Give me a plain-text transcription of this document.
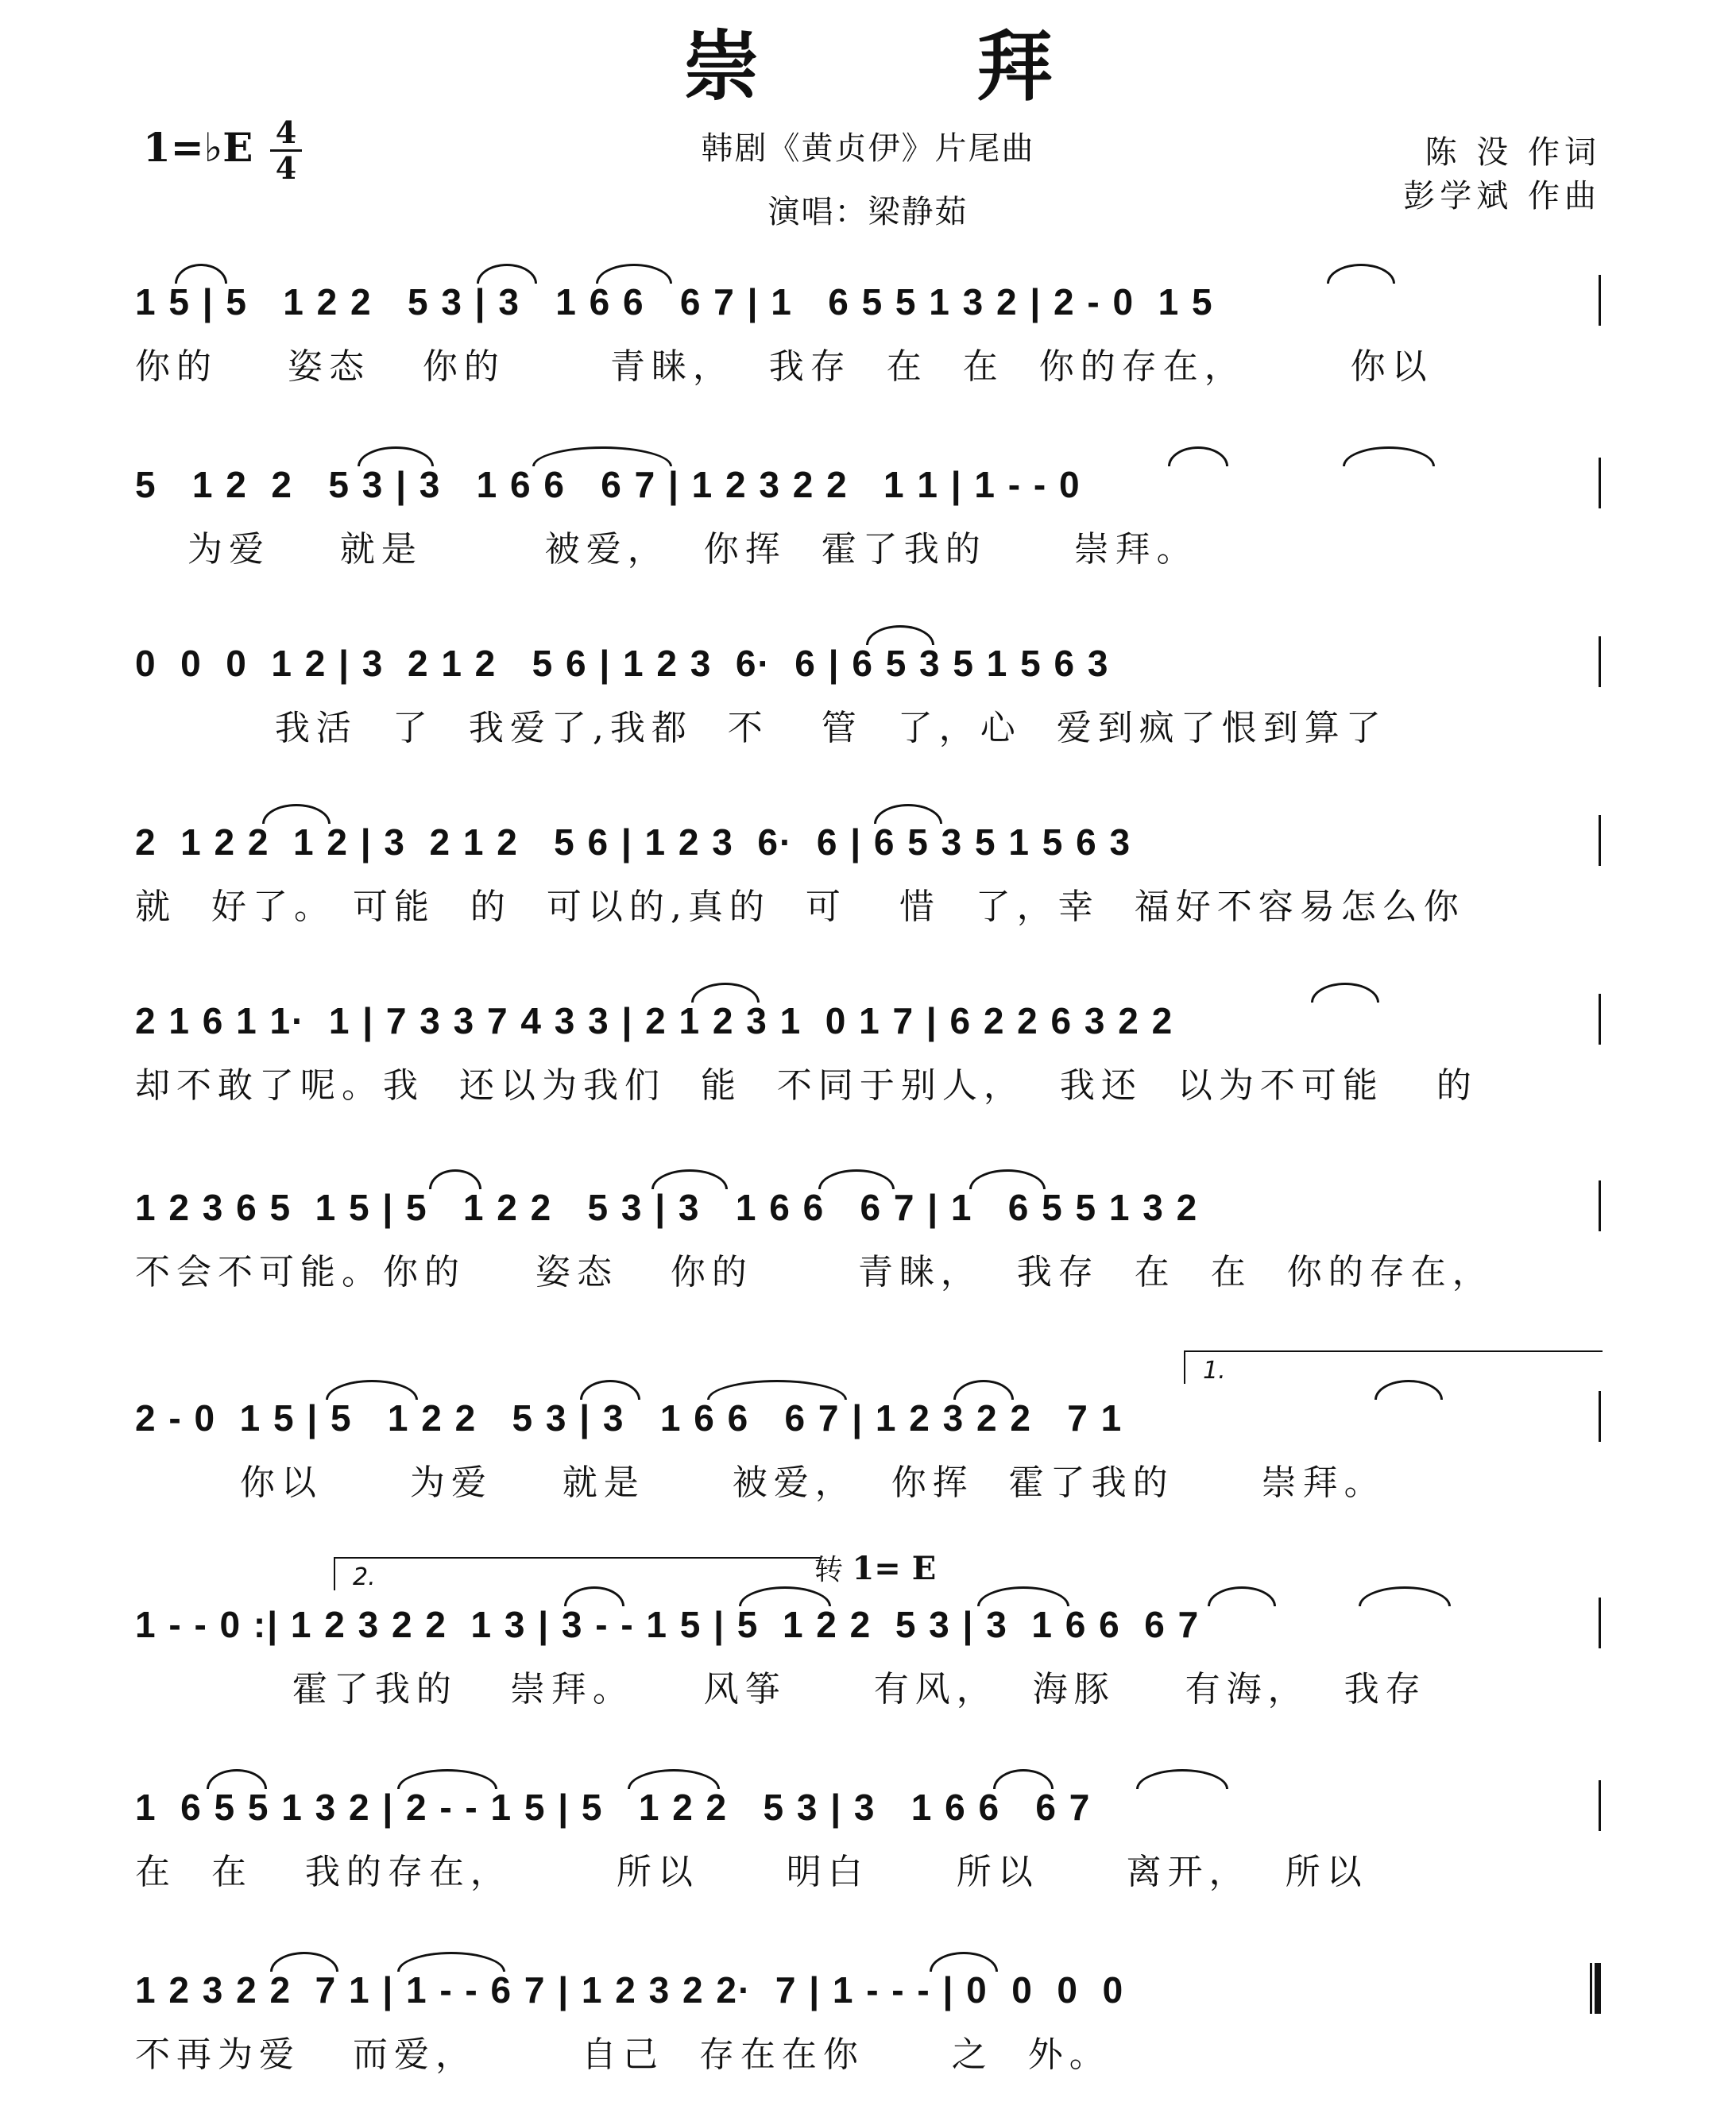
崇 拜
1=♭E 4
4
韩剧《黄贞伊》片尾曲
演唱：梁静茹
陈 没 作词
彭学斌 作曲
1.
2.	转 1= E
1 5 | 5   1 2 2   5 3 | 3   1 6 6   6 7 | 1   6 5 5 1 3 2 | 2 - 0  1 5
你的    姿态   你的      青睐，  我存  在  在  你的存在，      你以
5   1 2  2   5 3 | 3   1 6 6   6 7 | 1 2 3 2 2   1 1 | 1 - - 0
为爱    就是       被爱，  你挥  霍了我的     崇拜。
0  0  0  1 2 | 3  2 1 2   5 6 | 1 2 3  6·  6 | 6 5 3 5 1 5 6 3
我活  了  我爱了,我都  不   管  了，心  爱到疯了恨到算了
2  1 2 2  1 2 | 3  2 1 2   5 6 | 1 2 3  6·  6 | 6 5 3 5 1 5 6 3
就  好了。 可能  的  可以的,真的  可   惜  了，幸  福好不容易怎么你
2 1 6 1 1·  1 | 7 3 3 7 4 3 3 | 2 1 2 3 1  0 1 7 | 6 2 2 6 3 2 2
却不敢了呢。我  还以为我们  能  不同于别人，  我还  以为不可能   的
1 2 3 6 5  1 5 | 5   1 2 2   5 3 | 3   1 6 6   6 7 | 1   6 5 5 1 3 2
不会不可能。你的    姿态   你的      青睐，  我存  在  在  你的存在，
2 - 0  1 5 | 5   1 2 2   5 3 | 3   1 6 6   6 7 | 1 2 3 2 2   7 1
你以     为爱    就是     被爱，  你挥  霍了我的     崇拜。
1 - - 0 :| 1 2 3 2 2  1 3 | 3 - - 1 5 | 5  1 2 2  5 3 | 3  1 6 6  6 7
霍了我的   崇拜。    风筝     有风，  海豚    有海，  我存
1  6 5 5 1 3 2 | 2 - - 1 5 | 5   1 2 2   5 3 | 3   1 6 6   6 7
在  在   我的存在，      所以     明白     所以     离开，  所以
1 2 3 2 2  7 1 | 1 - - 6 7 | 1 2 3 2 2·  7 | 1 - - - | 0  0  0  0
不再为爱   而爱，      自己  存在在你     之  外。
